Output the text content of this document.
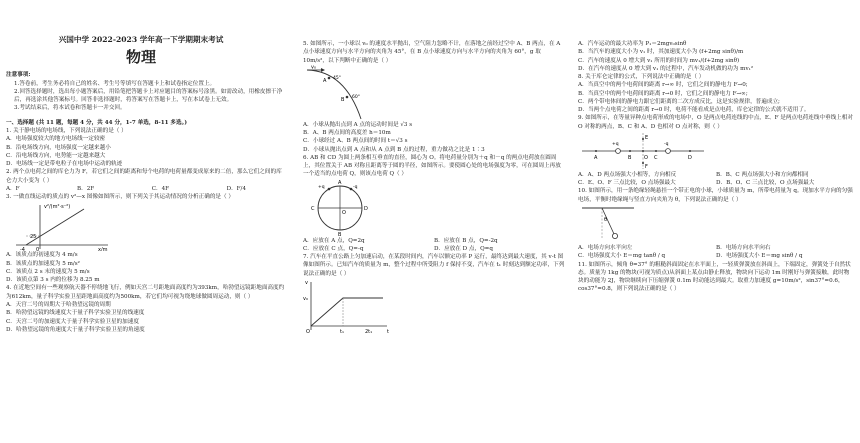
兴国中学 2022-2023 学年高一下学期期末考试
物理

注意事项:

1.答卷前，考生务必将自己的姓名、考生号等填写在答题卡上和试卷指定位置上。

2.回答选择题时，选出每小题答案后，用铅笔把答题卡上对应题目的答案标号涂黑。如需改动，用橡皮擦干净后，再选涂其他答案标号。回答非选择题时，将答案写在答题卡上，写在本试卷上无效。

3.考试结束后，将本试卷和答题卡一并交回。

一、选择题 (共 11 题，每题 4 分，共 44 分，1-7 单选，8-11 多选。)

1. 关于静电场的电场线，下列说法正确的是（ ）

A．电场强度较大的地方电场线一定较密

B．沿电场线方向，电场强度一定越来越小

C．沿电场线方向，电势能一定越来越大

D．电场线一定是带电粒子在电场中运动的轨迹

2. 两个点电荷之间的库仑力为 F，若它们之间的距离和每个电荷的电荷量都变成原来的二倍，那么它们之间的库仑力大小变为（ ）

A．F	B．2F	C．4F	D．F/4

3. 一做直线运动的质点的 v²—x 图像如图所示，则下列关于其运动情况的分析正确的是（ ）

v²/(m²·s⁻²)
25
0
-4	x/m

A．该质点的初速度为 4 m/s

B．该质点的加速度为 5 m/s²

C．该质点 2 s 末的速度为 5 m/s

D．该质点第 3 s 内的位移为 8.25 m

4. 在近地空间有一些观察航天器不停绕地飞行，例如天宫二号距地面高度约为393km，哈勃望远镜距地面高度约为612km，量子科学实验卫星距地面高度约为500km，若它们均可视为绕地球做圆周运动，则（ ）

A．天宫二号的周期大于哈勃望远镜的周期

B．哈勃望远镜的线速度大于量子科学实验卫星的线速度

C．天宫二号的加速度大于量子科学实验卫星的加速度

D．哈勃望远镜的角速度大于量子科学实验卫星的角速度

5. 如图所示，一小球以 v₀ 的速度水平抛出，空气阻力忽略不计，在落地之前经过空中 A、B 两点，在 A 点小球速度方向与水平方向的夹角为 45°，在 B 点小球速度方向与水平方向的夹角为 60°，g 取 10m/s²，以下判断中正确的是（ ）

v₀
A
B
45°
60°

A．小球从抛出点到 A 点的运动时间是 √3 s

B．A、B 两点间的高度差 h＝10m

C．小球经过 A、B 两点间的时间 t＝√3 s

D．小球从抛出点到 A 点和从 A 点到 B 点的过程，重力做功之比是 1∶3

6. AB 和 CD 为圆上两条相互垂直的直径，圆心为 O。将电荷量分别为＋q 和－q 的两点电荷放在圆周上，其位置关于 AB 对称且距离等于圆的半径，如图所示。要使圆心处的电场强度为零，可在圆周上再放一个适当的点电荷 Q，则该点电荷 Q（ ）

C	D
A
B
O
+q	-q
A．应放在 A 点，Q=2q	B．应放在 B 点，Q=-2q
C．应放在 C 点，Q=-q	D．应放在 D 点，Q=q

7. 汽车在平直公路上匀加速启动，在某段时间内，汽车以额定功率 P 运行，最终达到最大速度，其 v-t 图像如图所示。已知汽车的质量为 m，整个过程中所受阻力 f 保持不变，汽车在 t₁ 时刻达到额定功率，下列说法正确的是（ ）

v
v₀
O	t₁	2t₁	t

A．汽车运动的最大功率为 P₁＝2mgv₀sinθ

B．当汽车的速度大小为 v₁ 时，其加速度大小为 (f+2mg sinθ)/m

C．汽车的速度从 0 增大到 v₁ 所用的时间为 mv₁/(f+2mg sinθ)

D．在汽车的速度从 0 增大到 v₁ 的过程中，汽车发动机做的功为 mv₁²

8. 关于库仑定律的公式，下列说法中正确的是（ ）

A．当真空中的两个电荷间的距离 r→∞ 时，它们之间的静电力 F→0;

B．当真空中的两个电荷间的距离 r→0 时，它们之间的静电力 F→∞;

C．两个带电体间的静电力跟它们距离的二次方成反比，这是实验规律，普遍成立;

D．当两个点电荷之间的距离 r→0 时，电荷不能看成是点电荷，库仑定律的公式就不适用了。

9. 如图所示，在等量异种点电荷形成的电场中，O 是两点电荷连线的中点，E、F 是两点电荷连线中垂线上相对 O 对称的两点，B、C 和 A、D 也相对 O 点对称，则（ ）

A	B	O C	D
E
F
+q	-q
A．A、D 两点场强大小相等，方向相反	B．B、C 两点场强大小和方向都相同
C．E、O、F 三点比较，O 点场强最大	D．B、O、C 三点比较，O 点场强最大

10. 如图所示，用一条绝缘轻绳悬挂一个带正电的小球，小球质量为 m，所带电荷量为 q。现加水平方向的匀强电场，平衡时绝缘绳与竖直方向夹角为 θ，下列说法正确的是（ ）

θ
A．电场方向水平向左	B．电场方向水平向右
C．电场强度大小 E＝mg tanθ / q	D．电场强度大小 E＝mg sinθ / q

11. 如图所示，倾角 θ=37° 的粗糙斜面固定在水平面上，一轻质弹簧放在斜面上，下端固定，弹簧处于自然状态。质量为 1kg 的物块(可视为质点)从斜面上某点由静止释放，物块向下运动 1m 时刚好与弹簧接触，此时物块的动能为 2J，物块继续向下压缩弹簧 0.1m 时动能达到最大。取重力加速度 g=10m/s²，sin37°=0.6，cos37°=0.8，则下列说法正确的是（ ）
